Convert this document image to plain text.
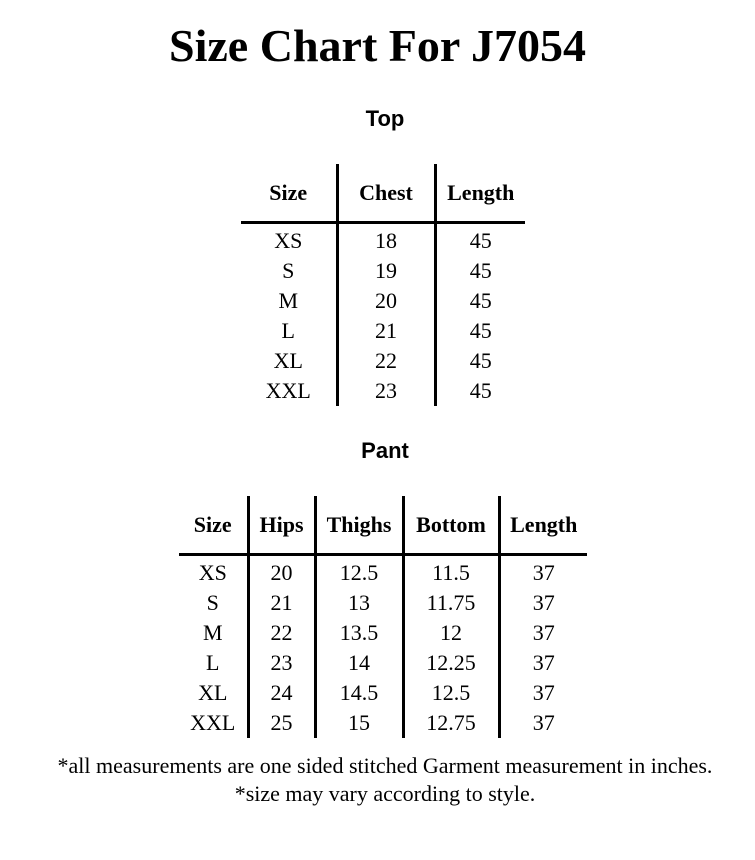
Size Chart For J7054
Top
Size	Chest	Length
XS	18	45
S	19	45
M	20	45
L	21	45
XL	22	45
XXL	23	45
Pant
Size	Hips	Thighs	Bottom	Length
XS	20	12.5	11.5	37
S	21	13	11.75	37
M	22	13.5	12	37
L	23	14	12.25	37
XL	24	14.5	12.5	37
XXL	25	15	12.75	37

*all measurements are one sided stitched Garment measurement in inches.

*size may vary according to style.
